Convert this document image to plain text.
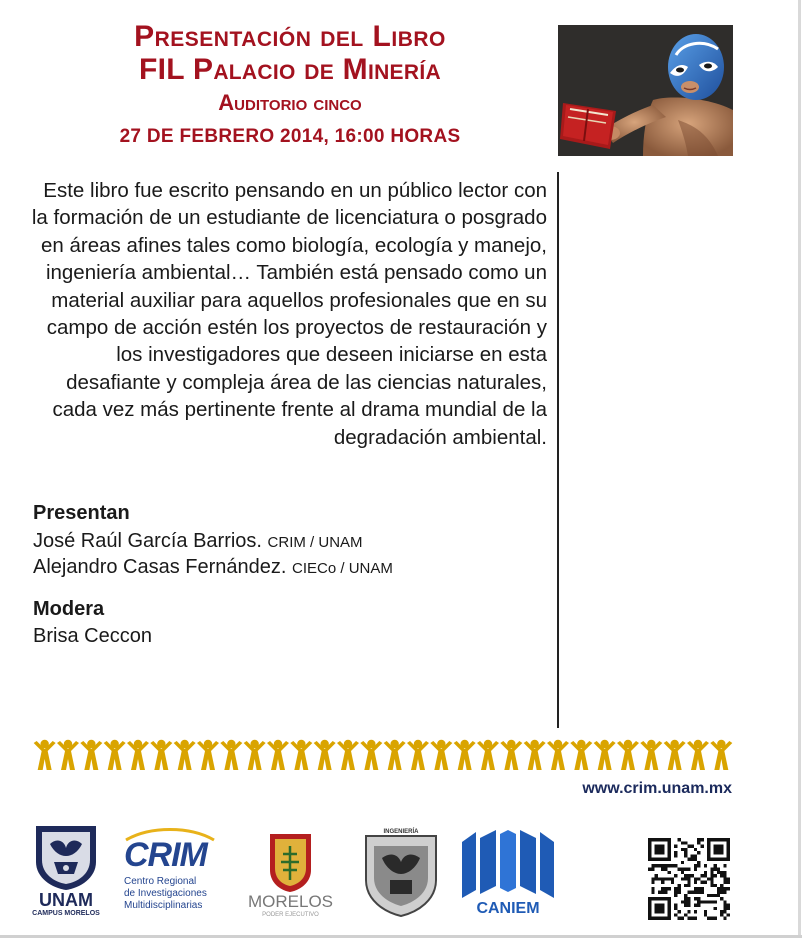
Presentación del Libro
FIL Palacio de Minería
Auditorio cinco
27 DE FEBRERO 2014, 16:00 HORAS

Este libro fue escrito pensando en un público lector con la formación de un estudiante de licenciatura o posgrado en áreas afines tales como biología, ecología y manejo, ingeniería ambiental… También está pensado como un material auxiliar para aquellos profesionales que en su campo de acción estén los proyectos de restauración y los investigadores que deseen iniciarse en esta desafiante y compleja área de las ciencias naturales, cada vez más pertinente frente al drama mundial de la degradación ambiental.

Presentan
José Raúl García Barrios. CRIM / UNAM
Alejandro Casas Fernández. CIECo / UNAM
Modera
Brisa Ceccon
www.crim.unam.mx
UNAM
CAMPUS MORELOS
CRIM
Centro Regional
de Investigaciones
Multidisciplinarias	MORELOS
PODER EJECUTIVO
INGENIERÍA
CANIEM
